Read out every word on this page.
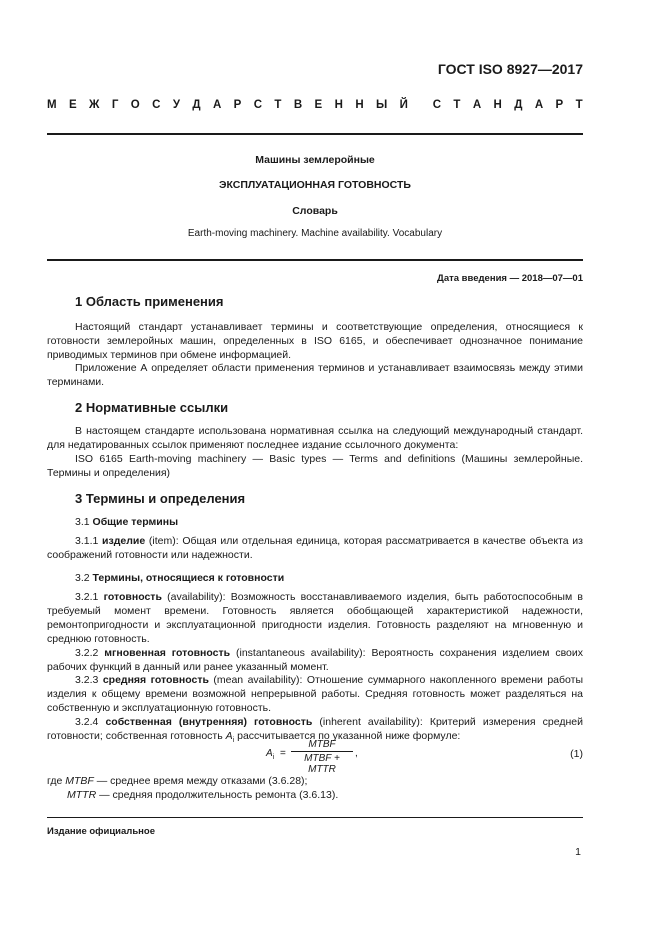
ГОСТ ISO 8927—2017
М Е Ж Г О С У Д А Р С Т В Е Н Н Ы Й С Т А Н Д А Р Т
Машины землеройные
ЭКСПЛУАТАЦИОННАЯ ГОТОВНОСТЬ
Словарь
Earth-moving machinery. Machine availability. Vocabulary
Дата введения — 2018—07—01
1 Область применения

Настоящий стандарт устанавливает термины и соответствующие определения, относящиеся к готовности землеройных машин, определенных в ISO 6165, и обеспечивает однозначное понимание приводимых терминов при обмене информацией.

Приложение А определяет области применения терминов и устанавливает взаимосвязь между этими терминами.

2 Нормативные ссылки

В настоящем стандарте использована нормативная ссылка на следующий международный стандарт. для недатированных ссылок применяют последнее издание ссылочного документа:

ISO 6165 Earth-moving machinery — Basic types — Terms and definitions (Машины землеройные. Термины и определения)

3 Термины и определения
3.1 Общие термины

3.1.1 изделие (item): Общая или отдельная единица, которая рассматривается в качестве объекта из соображений готовности или надежности.

3.2 Термины, относящиеся к готовности

3.2.1 готовность (availability): Возможность восстанавливаемого изделия, быть работоспособным в требуемый момент времени. Готовность является обобщающей характеристикой надежности, ремонтопригодности и эксплуатационной пригодности изделия. Готовность разделяют на мгновенную и среднюю готовность.

3.2.2 мгновенная готовность (instantaneous availability): Вероятность сохранения изделием своих рабочих функций в данный или ранее указанный момент.

3.2.3 средняя готовность (mean availability): Отношение суммарного накопленного времени работы изделия к общему времени возможной непрерывной работы. Средняя готовность может разделяться на собственную и эксплуатационную готовность.

3.2.4 собственная (внутренняя) готовность (inherent availability): Критерий измерения средней готовности; собственная готовность $A_i$ рассчитывается по указанной ниже формуле:

$A_i$ =
MTBF
MTBF + MTTR
,	(1)
где MTBF — среднее время между отказами (3.6.28);
MTTR — средняя продолжительность ремонта (3.6.13).
Издание официальное
1
